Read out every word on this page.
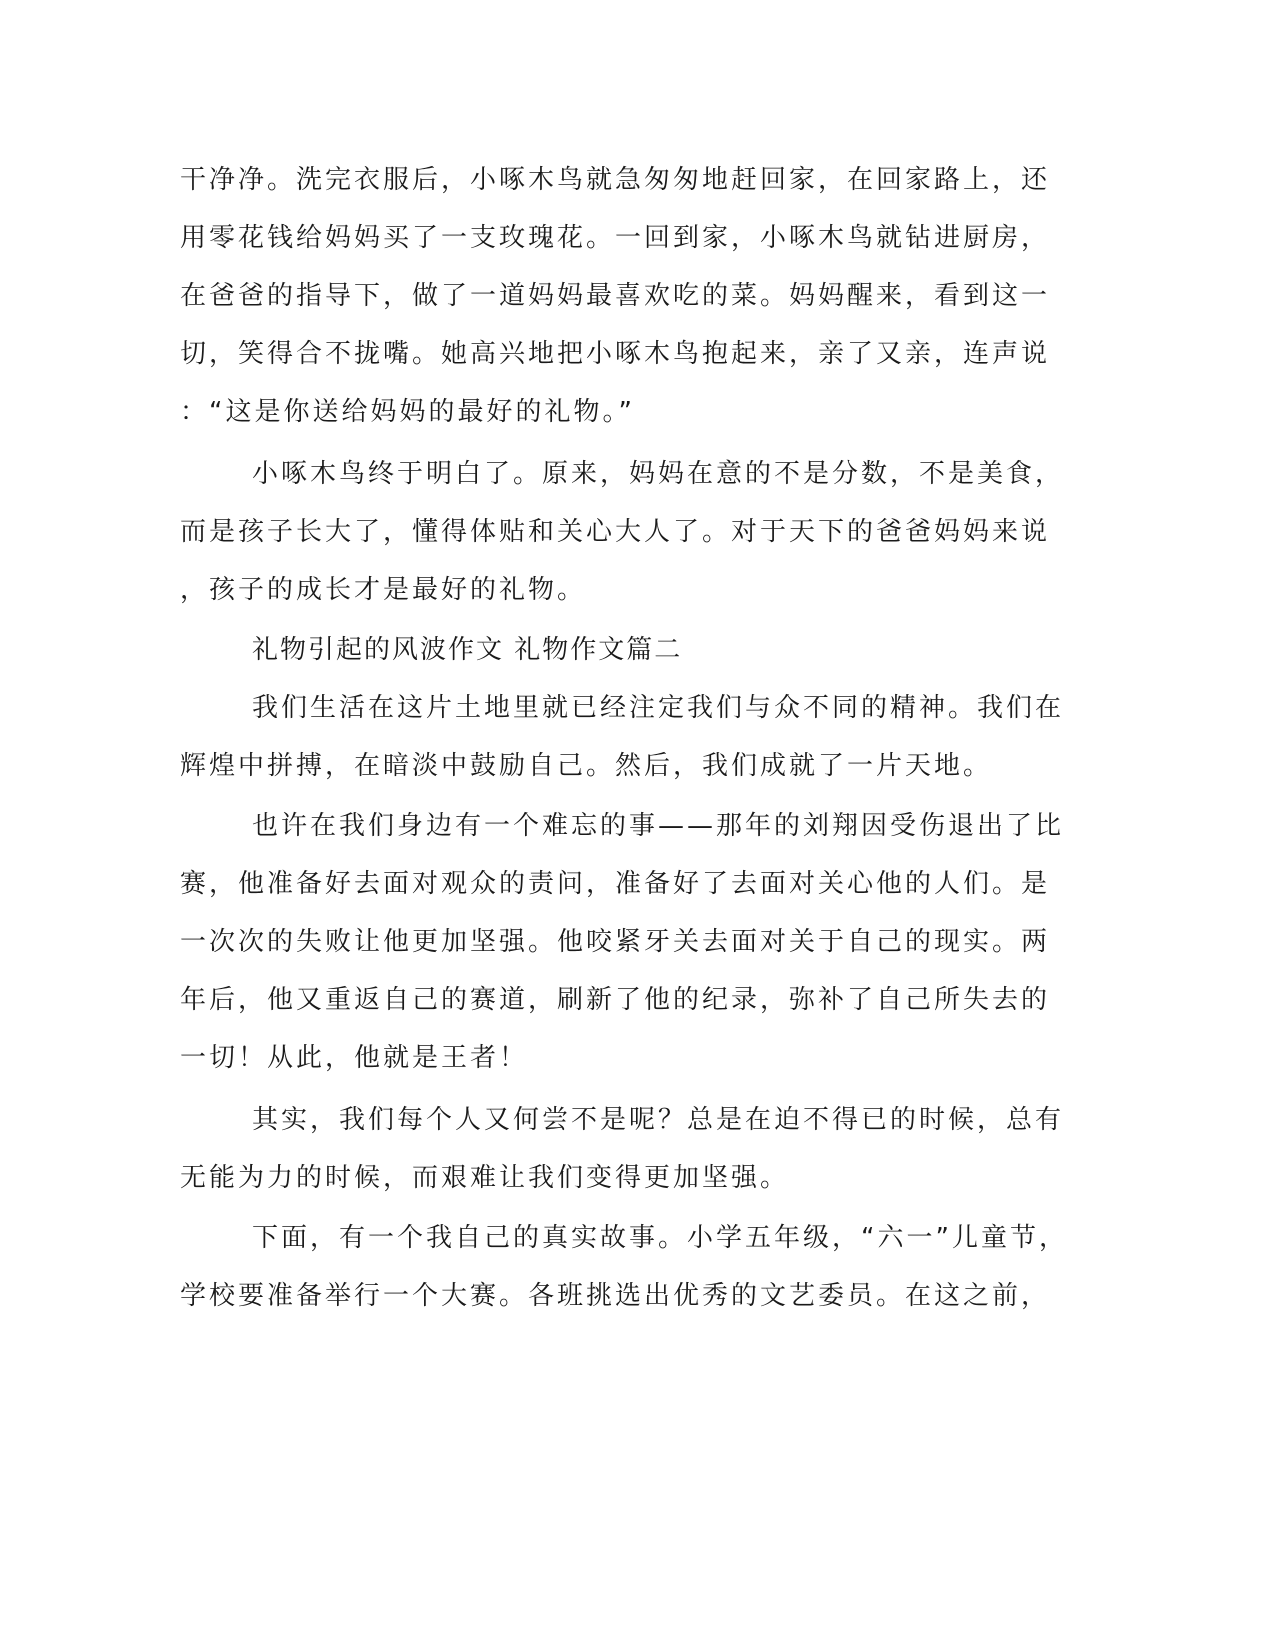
干净净。洗完衣服后，小啄木鸟就急匆匆地赶回家，在回家路上，还
用零花钱给妈妈买了一支玫瑰花。一回到家，小啄木鸟就钻进厨房，
在爸爸的指导下，做了一道妈妈最喜欢吃的菜。妈妈醒来，看到这一
切，笑得合不拢嘴。她高兴地把小啄木鸟抱起来，亲了又亲，连声说
：“这是你送给妈妈的最好的礼物。”
小啄木鸟终于明白了。原来，妈妈在意的不是分数，不是美食，
而是孩子长大了，懂得体贴和关心大人了。对于天下的爸爸妈妈来说
，孩子的成长才是最好的礼物。
礼物引起的风波作文 礼物作文篇二
我们生活在这片土地里就已经注定我们与众不同的精神。我们在
辉煌中拼搏，在暗淡中鼓励自己。然后，我们成就了一片天地。
也许在我们身边有一个难忘的事——那年的刘翔因受伤退出了比
赛，他准备好去面对观众的责问，准备好了去面对关心他的人们。是
一次次的失败让他更加坚强。他咬紧牙关去面对关于自己的现实。两
年后，他又重返自己的赛道，刷新了他的纪录，弥补了自己所失去的
一切！从此，他就是王者！
其实，我们每个人又何尝不是呢？总是在迫不得已的时候，总有
无能为力的时候，而艰难让我们变得更加坚强。
下面，有一个我自己的真实故事。小学五年级，“六一”儿童节，
学校要准备举行一个大赛。各班挑选出优秀的文艺委员。在这之前，
